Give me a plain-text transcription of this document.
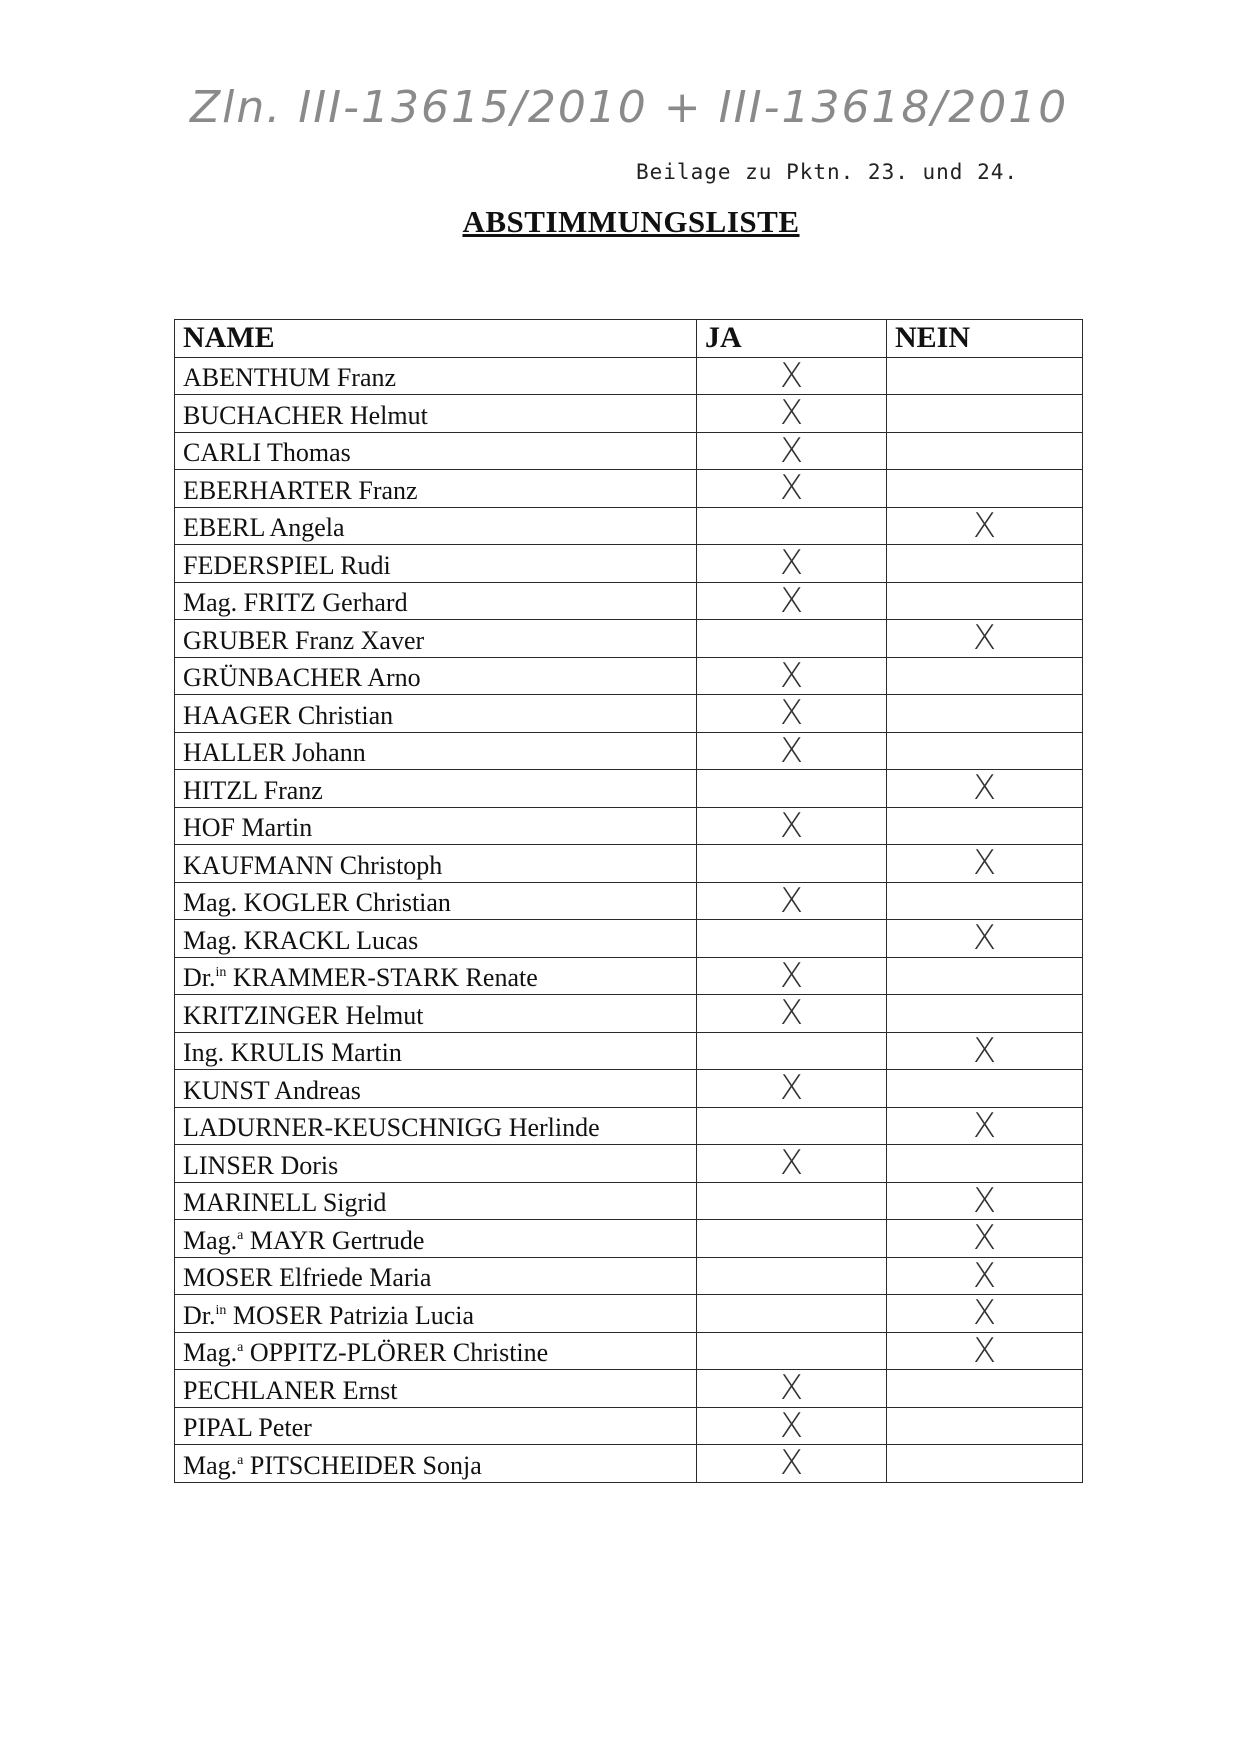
Zln. III-13615/2010 + III-13618/2010
Beilage zu Pktn. 23. und 24.
ABSTIMMUNGSLISTE
NAME	JA	NEIN
ABENTHUM Franz	X	
BUCHACHER Helmut	X	
CARLI Thomas	X	
EBERHARTER Franz	X	
EBERL Angela		X
FEDERSPIEL Rudi	X	
Mag. FRITZ Gerhard	X	
GRUBER Franz Xaver		X
GRÜNBACHER Arno	X	
HAAGER Christian	X	
HALLER Johann	X	
HITZL Franz		X
HOF Martin	X	
KAUFMANN Christoph		X
Mag. KOGLER Christian	X	
Mag. KRACKL Lucas		X
Dr.$^{in}$ KRAMMER-STARK Renate	X	
KRITZINGER Helmut	X	
Ing. KRULIS Martin		X
KUNST Andreas	X	
LADURNER-KEUSCHNIGG Herlinde		X
LINSER Doris	X	
MARINELL Sigrid		X
Mag.$^a$ MAYR Gertrude		X
MOSER Elfriede Maria		X
Dr.$^{in}$ MOSER Patrizia Lucia		X
Mag.$^a$ OPPITZ-PLÖRER Christine		X
PECHLANER Ernst	X	
PIPAL Peter	X	
Mag.$^a$ PITSCHEIDER Sonja	X	
